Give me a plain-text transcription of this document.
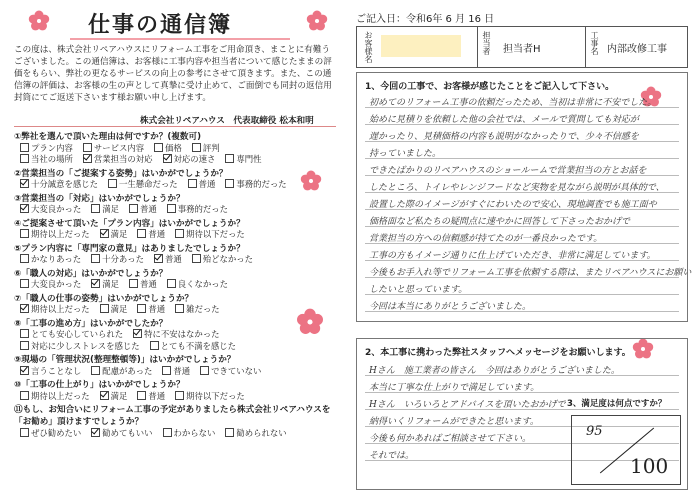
仕事の通信簿
この度は、株式会社リペアハウスにリフォーム工事をご用命頂き、まことに有難うございました。この通信簿は、お客様に工事内容や担当者について感じたままの評価をもらい、弊社の更なるサービスの向上の参考にさせて頂きます。また、この通信簿の評価は、お客様の生の声として真摯に受け止めて、ご面倒でも同封の返信用封筒にてご返送下さいます様お願い申し上げます。
株式会社リペアハウス　代表取締役 松本和明
①弊社を選んで頂いた理由は何ですか？(複数可)
プラン内容	サービス内容	価格	評判
当社の場所	営業担当の対応	対応の速さ	専門性
②営業担当の「ご提案する姿勢」はいかがでしょうか？
十分誠意を感じた	一生懸命だった	普通	事務的だった
③営業担当の「対応」はいかがでしょうか？
大変良かった	満足	普通	事務的だった
④ご提案させて頂いた「プラン内容」はいかがでしょうか？
期待以上だった	満足	普通	期待以下だった
⑤プラン内容に「専門家の意見」はありましたでしょうか？
かなりあった	十分あった	普通	殆どなかった
⑥「職人の対応」はいかがでしょうか？
大変良かった	満足	普通	良くなかった
⑦「職人の仕事の姿勢」はいかがでしょうか？
期待以上だった	満足	普通	雑だった
⑧「工事の進め方」はいかがでしたか？
とても安心していられた	特に不安はなかった
対応に少しストレスを感じた	とても不満を感じた
⑨現場の「管理状況(整理整頓等)」はいかがでしょうか？
言うことなし	配慮があった	普通	できていない
⑩「工事の仕上がり」はいかがでしょうか？
期待以上だった	満足	普通	期待以下だった
⑪もし、お知合いにリフォーム工事の予定がありましたら株式会社リペアハウスを「お勧め」頂けますでしょうか？
ぜひ勧めたい	勧めてもいい	わからない	勧められない
ご記入日：令和6年 6 月 16 日
お客様名	担当者 担当者H	工事名 内部改修工事
1、今回の工事で、お客様が感じたことをご記入して下さい。
初めてのリフォーム工事の依頼だったため、当初は非常に不安でした。
始めに見積りを依頼した他の会社では、メールで質問しても対応が
遅かったり、見積価格の内容も説明がなかったりで、少々不信感を
持っていました。
できたばかりのリペアハウスのショールームで営業担当の方とお話を
したところ、トイレやレンジフードなど実物を見ながら説明が具体的で、
設置した際のイメージがすぐにわいたので安心、現地調査でも施工面や
価格面など私たちの疑問点に速やかに回答して下さったおかげで
営業担当の方への信頼感が持てたのが一番良かったです。
工事の方もイメージ通りに仕上げていただき、非常に満足しています。
今後もお手入れ等でリフォーム工事を依頼する際は、またリペアハウスにお願い
したいと思っています。
今回は本当にありがとうございました。
2、本工事に携わった弊社スタッフへメッセージをお願いします。
Hさん　施工業者の皆さん　今回はありがとうございました。
本当に丁寧な仕上がりで満足しています。
Hさん　いろいろとアドバイスを頂いたおかげで
納得いくリフォームができたと思います。
今後も何かあればご相談させて下さい。
それでは。
3、満足度は何点ですか？
95
100
